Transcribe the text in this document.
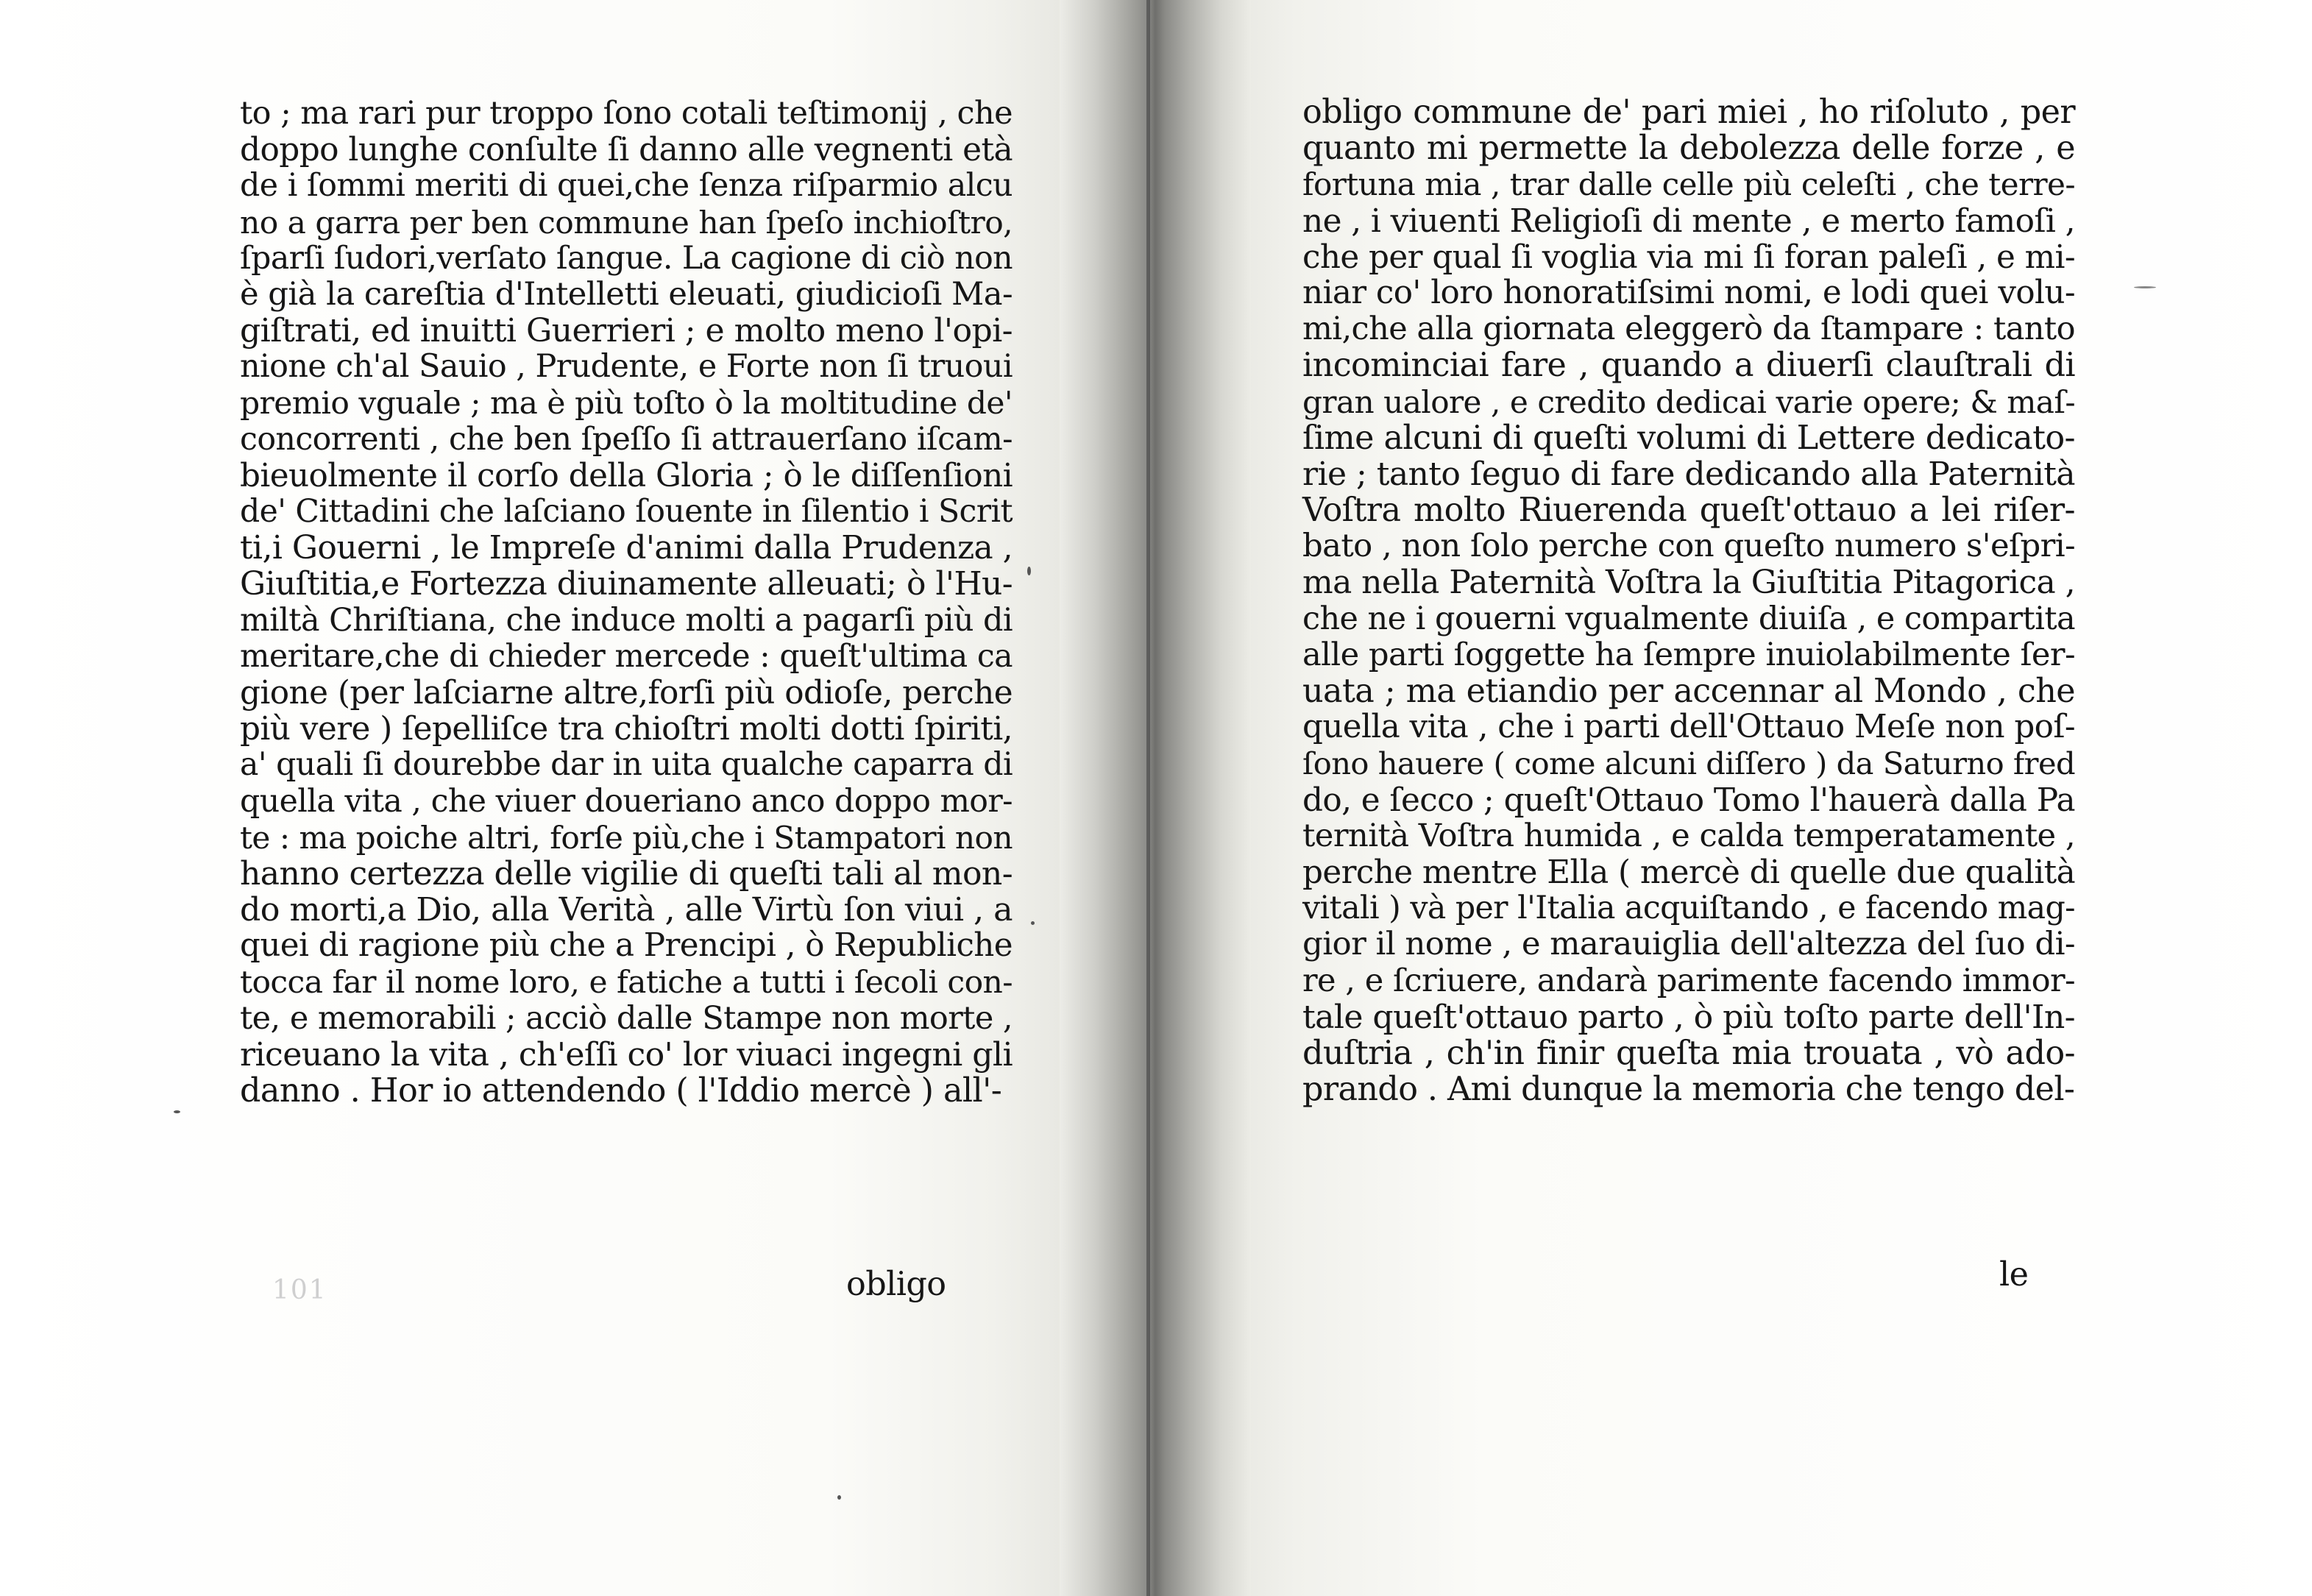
to ; ma rari pur troppo ſono cotali teſtimonij , che
doppo lunghe conſulte ſi danno alle vegnenti età
de i ſommi meriti di quei,che ſenza riſparmio alcu
no a garra per ben commune han ſpeſo inchioſtro,
ſparſi ſudori,verſato ſangue. La cagione di ciò non
è già la careſtia d'Intelletti eleuati, giudicioſi Ma-
giſtrati, ed inuitti Guerrieri ; e molto meno l'opi-
nione ch'al Sauio , Prudente, e Forte non ſi truoui
premio vguale ; ma è più toſto ò la moltitudine de'
concorrenti , che ben ſpeſſo ſi attrauerſano iſcam-
bieuolmente il corſo della Gloria ; ò le diſſenſioni
de' Cittadini che laſciano ſouente in ſilentio i Scrit
ti,i Gouerni , le Impreſe d'animi dalla Prudenza ,
Giuſtitia,e Fortezza diuinamente alleuati; ò l'Hu-
miltà Chriſtiana, che induce molti a pagarſi più di
meritare,che di chieder mercede : queſt'ultima ca
gione (per laſciarne altre,forſi più odioſe, perche
più vere ) ſepelliſce tra chioſtri molti dotti ſpiriti,
a' quali ſi dourebbe dar in uita qualche caparra di
quella vita , che viuer doueriano anco doppo mor-
te : ma poiche altri, forſe più,che i Stampatori non
hanno certezza delle vigilie di queſti tali al mon-
do morti,a Dio, alla Verità , alle Virtù ſon viui , a
quei di ragione più che a Prencipi , ò Republiche
tocca far il nome loro, e fatiche a tutti i ſecoli con-
te, e memorabili ; acciò dalle Stampe non morte ,
riceuano la vita , ch'eſſi co' lor viuaci ingegni gli
danno . Hor io attendendo ( l'Iddio mercè ) all'-
obligo
101
obligo commune de' pari miei , ho riſoluto , per
quanto mi permette la debolezza delle forze , e
fortuna mia , trar dalle celle più celeſti , che terre-
ne , i viuenti Religioſi di mente , e merto famoſi ,
che per qual ſi voglia via mi ſi foran paleſi , e mi-
niar co' loro honoratiſsimi nomi, e lodi quei volu-
mi,che alla giornata eleggerò da ſtampare : tanto
incominciai fare , quando a diuerſi clauſtrali di
gran ualore , e credito dedicai varie opere; & maſ-
ſime alcuni di queſti volumi di Lettere dedicato-
rie ; tanto ſeguo di fare dedicando alla Paternità
Voſtra molto Riuerenda queſt'ottauo a lei riſer-
bato , non ſolo perche con queſto numero s'eſpri-
ma nella Paternità Voſtra la Giuſtitia Pitagorica ,
che ne i gouerni vgualmente diuiſa , e compartita
alle parti ſoggette ha ſempre inuiolabilmente ſer-
uata ; ma etiandio per accennar al Mondo , che
quella vita , che i parti dell'Ottauo Meſe non poſ-
ſono hauere ( come alcuni diſſero ) da Saturno fred
do, e ſecco ; queſt'Ottauo Tomo l'hauerà dalla Pa
ternità Voſtra humida , e calda temperatamente ,
perche mentre Ella ( mercè di quelle due qualità
vitali ) và per l'Italia acquiſtando , e facendo mag-
gior il nome , e marauiglia dell'altezza del ſuo di-
re , e ſcriuere, andarà parimente facendo immor-
tale queſt'ottauo parto , ò più toſto parte dell'In-
duſtria , ch'in finir queſta mia trouata , vò ado-
prando . Ami dunque la memoria che tengo del-
le
